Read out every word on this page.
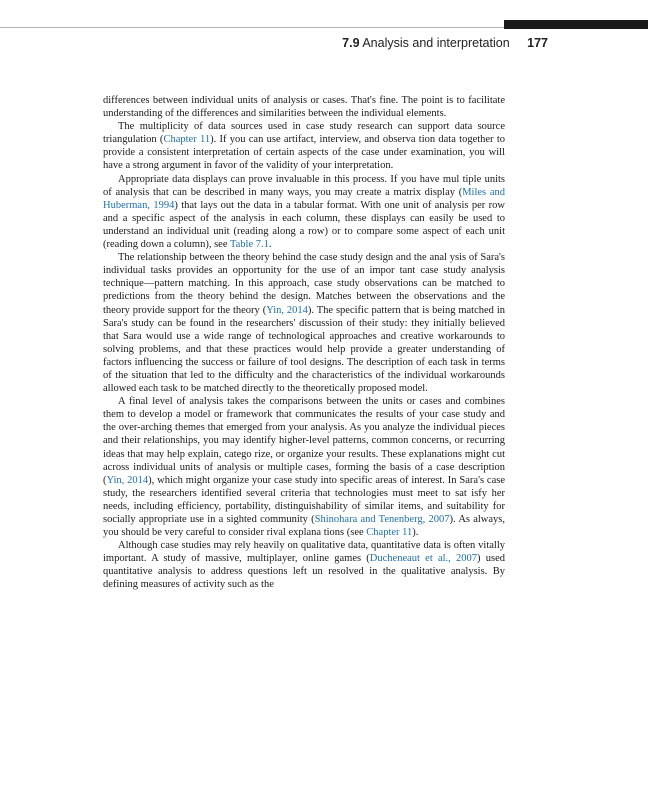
7.9 Analysis and interpretation 177

differences between individual units of analysis or cases. That's fine. The point is to facilitate understanding of the differences and similarities between the individual elements.

The multiplicity of data sources used in case study research can support data source triangulation (Chapter 11). If you can use artifact, interview, and observa tion data together to provide a consistent interpretation of certain aspects of the case under examination, you will have a strong argument in favor of the validity of your interpretation.

Appropriate data displays can prove invaluable in this process. If you have mul tiple units of analysis that can be described in many ways, you may create a matrix display (Miles and Huberman, 1994) that lays out the data in a tabular format. With one unit of analysis per row and a specific aspect of the analysis in each column, these displays can easily be used to understand an individual unit (reading along a row) or to compare some aspect of each unit (reading down a column), see Table 7.1.

The relationship between the theory behind the case study design and the anal ysis of Sara's individual tasks provides an opportunity for the use of an impor tant case study analysis technique—pattern matching. In this approach, case study observations can be matched to predictions from the theory behind the design. Matches between the observations and the theory provide support for the theory (Yin, 2014). The specific pattern that is being matched in Sara's study can be found in the researchers' discussion of their study: they initially believed that Sara would use a wide range of technological approaches and creative workarounds to solving problems, and that these practices would help provide a greater understanding of factors influencing the success or failure of tool designs. The description of each task in terms of the situation that led to the difficulty and the characteristics of the individual workarounds allowed each task to be matched directly to the theoretically proposed model.

A final level of analysis takes the comparisons between the units or cases and combines them to develop a model or framework that communicates the results of your case study and the over-arching themes that emerged from your analysis. As you analyze the individual pieces and their relationships, you may identify higher-level patterns, common concerns, or recurring ideas that may help explain, catego rize, or organize your results. These explanations might cut across individual units of analysis or multiple cases, forming the basis of a case description (Yin, 2014), which might organize your case study into specific areas of interest. In Sara's case study, the researchers identified several criteria that technologies must meet to sat isfy her needs, including efficiency, portability, distinguishability of similar items, and suitability for socially appropriate use in a sighted community (Shinohara and Tenenberg, 2007). As always, you should be very careful to consider rival explana tions (see Chapter 11).

Although case studies may rely heavily on qualitative data, quantitative data is often vitally important. A study of massive, multiplayer, online games (Ducheneaut et al., 2007) used quantitative analysis to address questions left un resolved in the qualitative analysis. By defining measures of activity such as the
